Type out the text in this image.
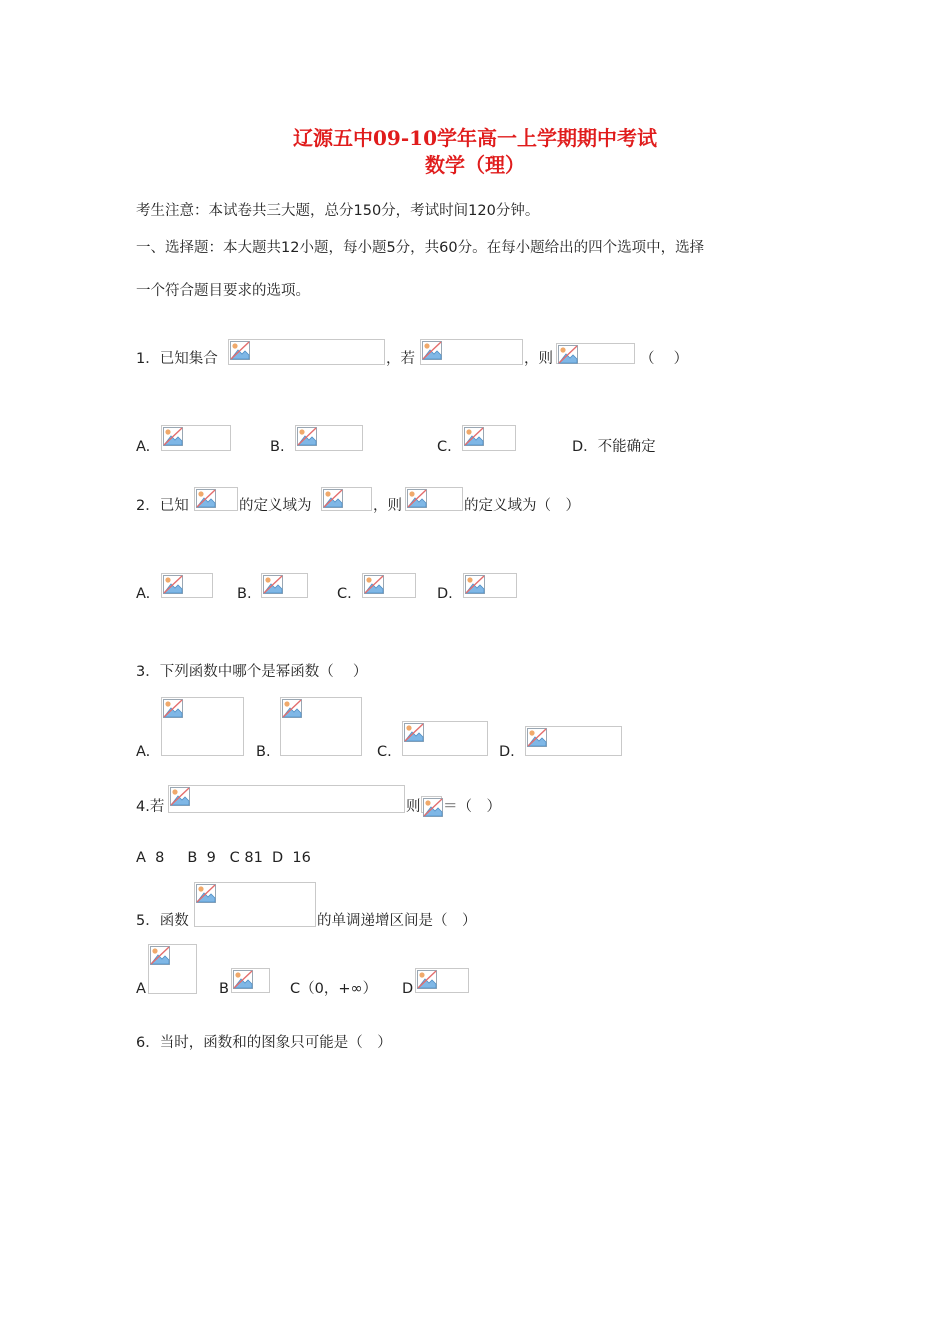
辽源五中09-10学年高一上学期期中考试
数学（理）
考生注意：本试卷共三大题，总分150分，考试时间120分钟。
一、选择题：本大题共12小题，每小题5分，共60分。在每小题给出的四个选项中，选择
一个符合题目要求的选项。
1．已知集合	，若	，则	（　 ）
A.	B.	C.	D．不能确定
2．已知	的定义域为	，则	的定义域为（　）
A.	B.	C.	D.
3．下列函数中哪个是幂函数（　 ）
A.	B.	C.	D.
4.若	则 ＝（　）
A  8     B  9   C 81  D  16
5．函数	的单调递增区间是（　）
A	B	C（0，+∞） D
6．当时，函数和的图象只可能是（　）
